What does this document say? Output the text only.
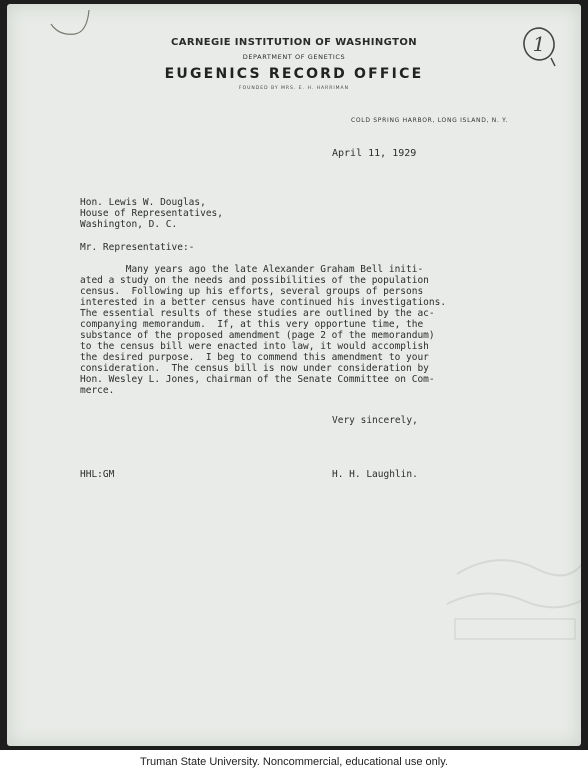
1
CARNEGIE INSTITUTION OF WASHINGTON
DEPARTMENT OF GENETICS
EUGENICS RECORD OFFICE
FOUNDED BY MRS. E. H. HARRIMAN
COLD SPRING HARBOR, LONG ISLAND, N. Y.
April 11, 1929
Hon. Lewis W. Douglas,
House of Representatives,
Washington, D. C.
Mr. Representative:-
Many years ago the late Alexander Graham Bell initi-
ated a study on the needs and possibilities of the population
census.  Following up his efforts, several groups of persons
interested in a better census have continued his investigations.
The essential results of these studies are outlined by the ac-
companying memorandum.  If, at this very opportune time, the
substance of the proposed amendment (page 2 of the memorandum)
to the census bill were enacted into law, it would accomplish
the desired purpose.  I beg to commend this amendment to your
consideration.  The census bill is now under consideration by
Hon. Wesley L. Jones, chairman of the Senate Committee on Com-
merce.
Very sincerely,
HHL:GM	H. H. Laughlin.
Truman State University. Noncommercial, educational use only.
